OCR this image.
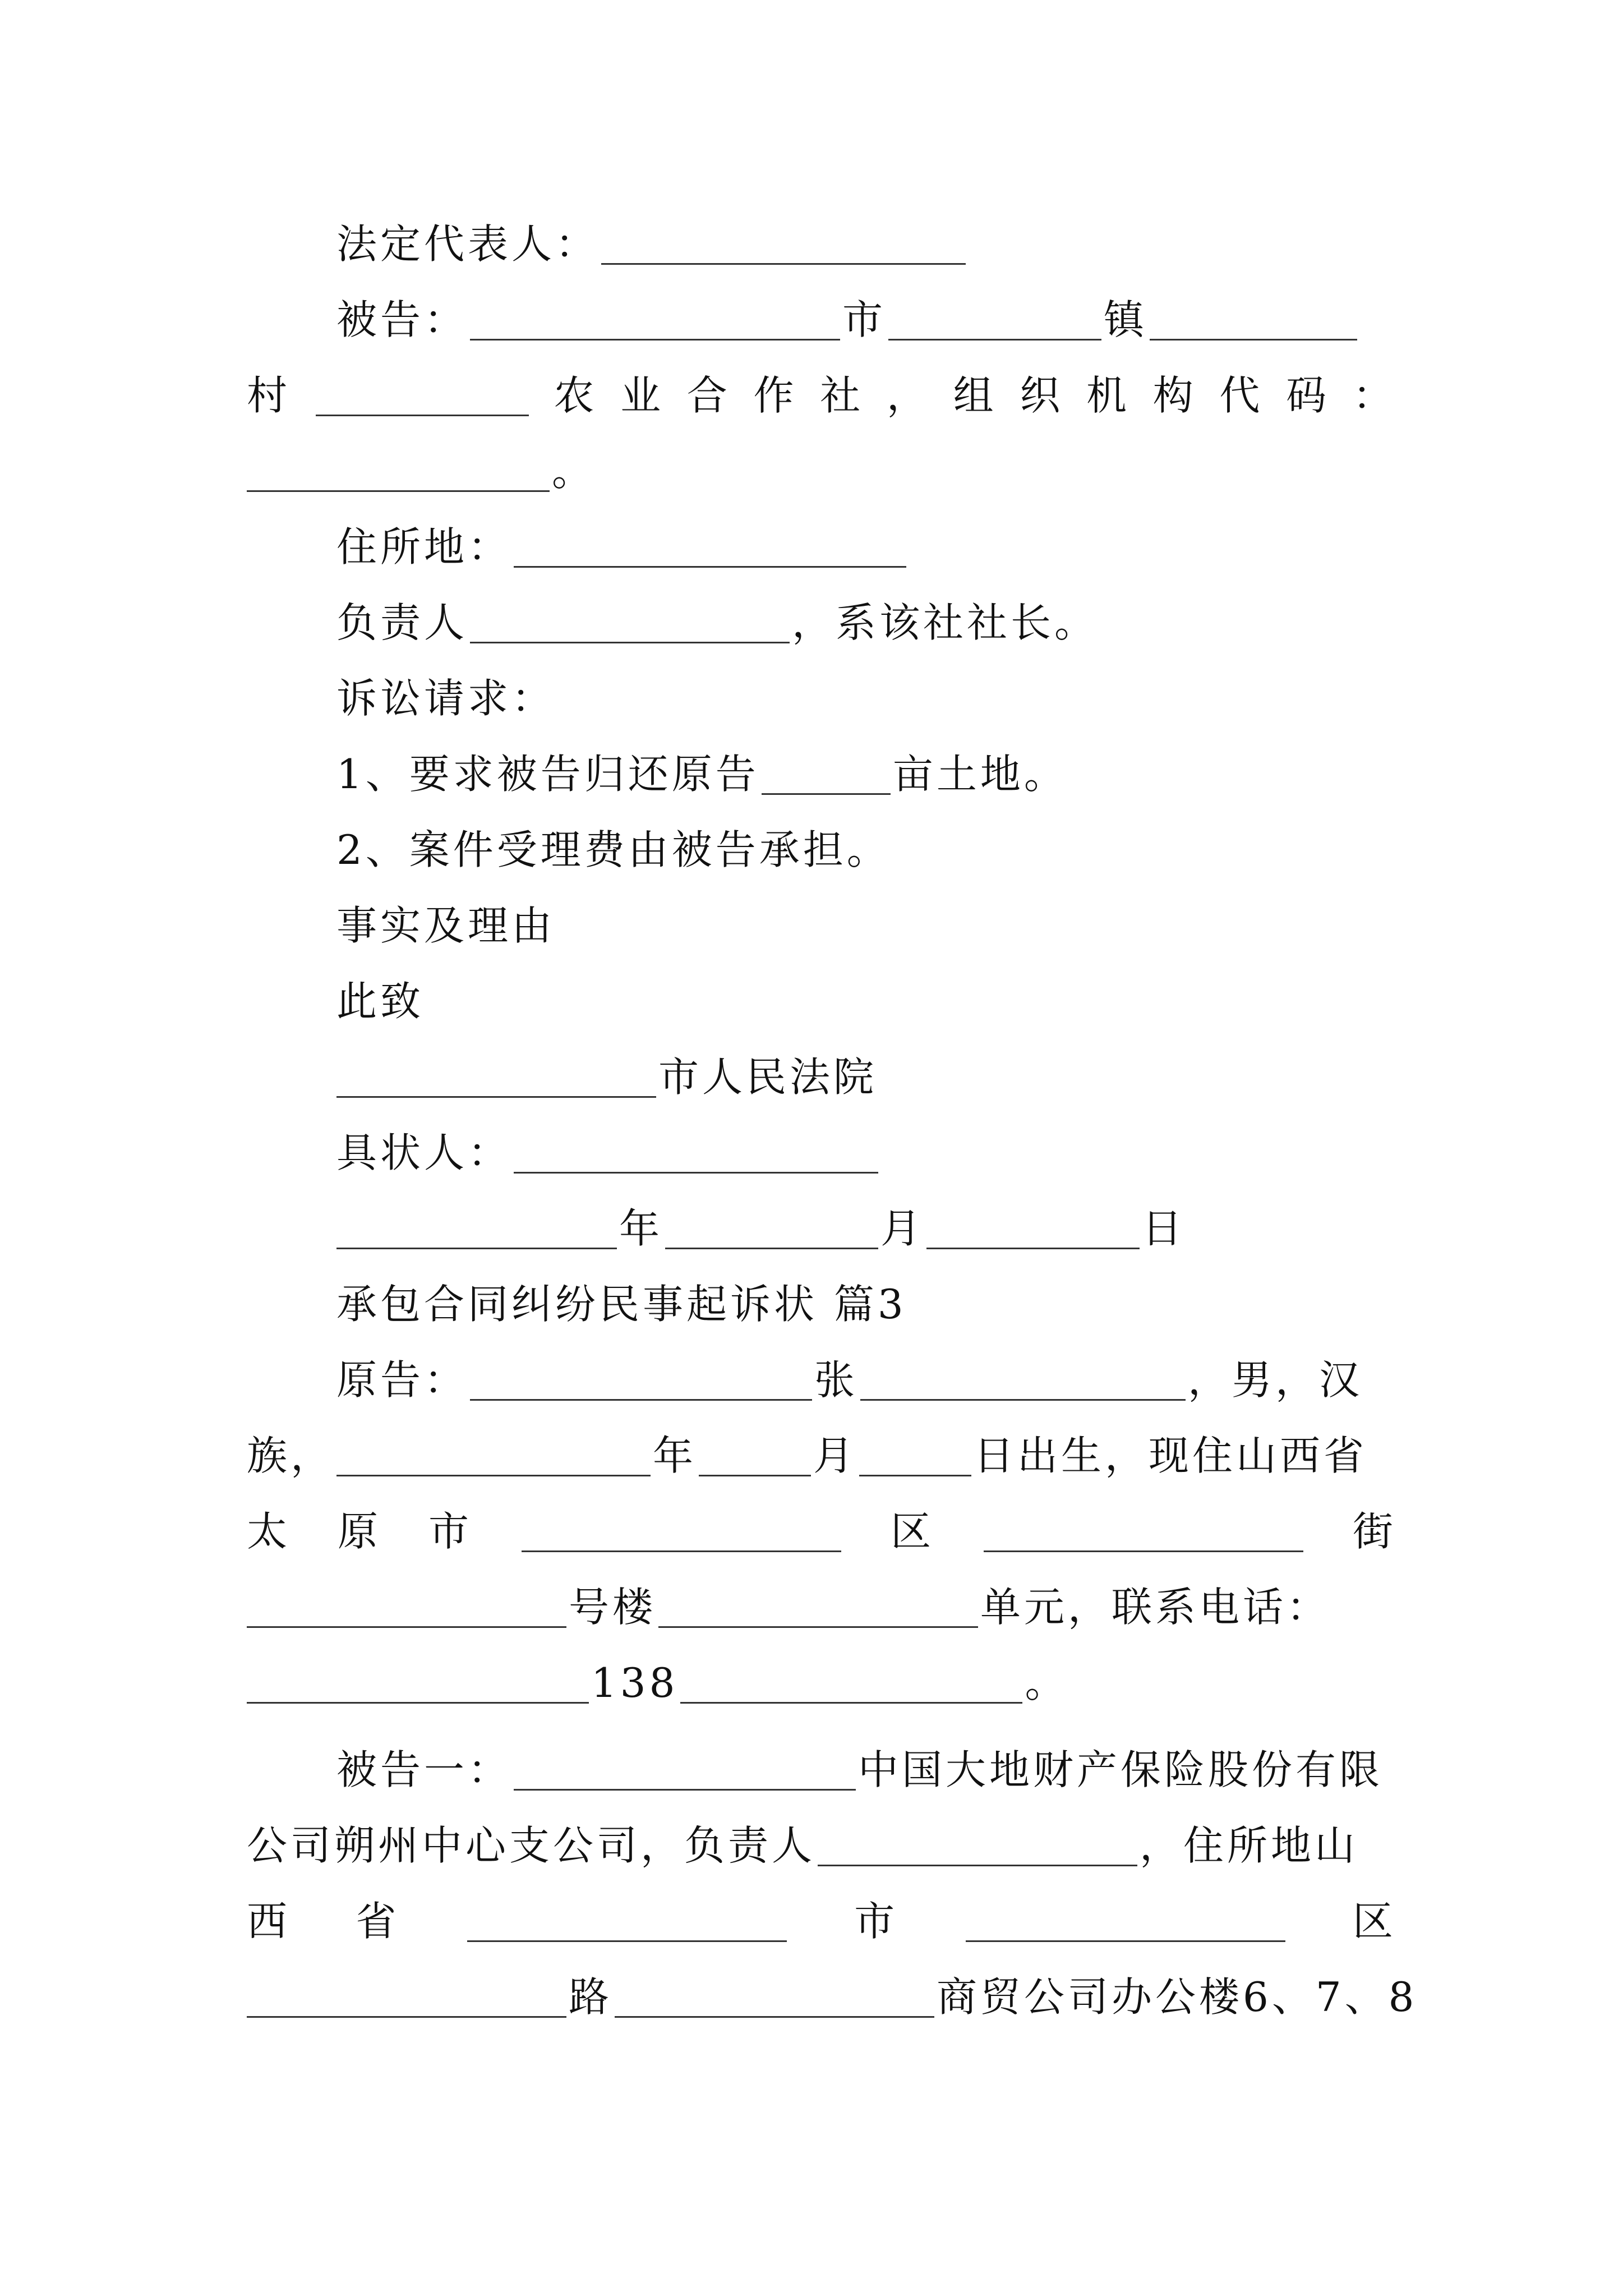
法定代表人：
被告：	市	镇
村	农 业 合 作 社 ， 组 织 机 构 代 码 ：
。
住所地：
负责人	，系该社社长。
诉讼请求：
1、要求被告归还原告	亩土地。
2、案件受理费由被告承担。
事实及理由
此致
市人民法院
具状人：
年	月	日
承包合同纠纷民事起诉状 篇3
原告：	张	，男，汉
族，	年	月	日出生，现住山西省
太 原 市	区	街
号楼	单元，联系电话：
138	。
被告一：	中国大地财产保险股份有限
公司朔州中心支公司，负责人	，住所地山
西 省	市	区
路	商贸公司办公楼6、7、8
